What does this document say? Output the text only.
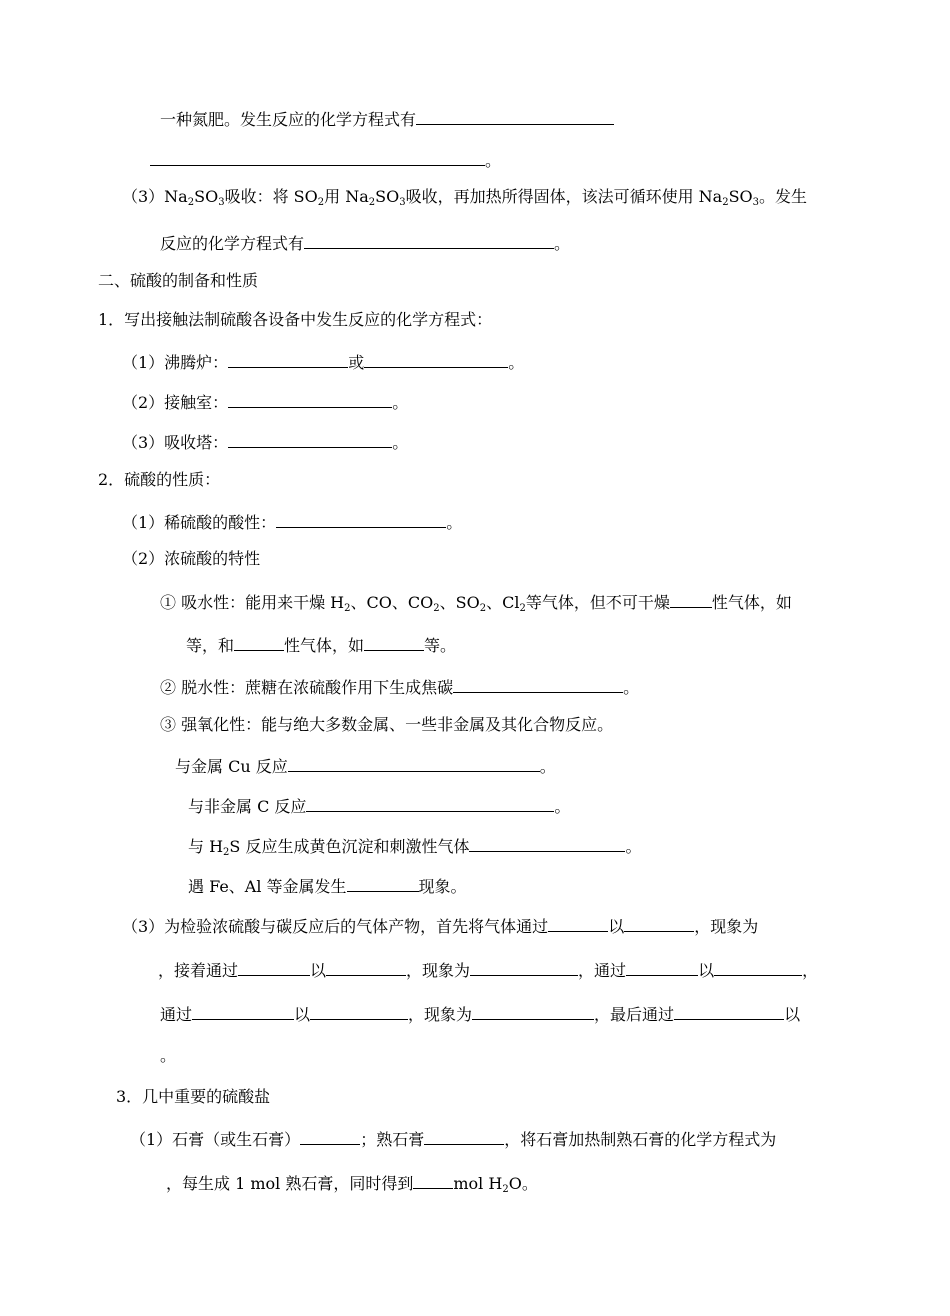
一种氮肥。发生反应的化学方程式有
。
$(3)Na_2SO_3$吸收：将 $SO_2$用 $Na_2SO_3$吸收，再加热所得固体，该法可循环使用 $Na_2SO_3$。发生
反应的化学方程式有	。
二、硫酸的制备和性质
1．写出接触法制硫酸各设备中发生反应的化学方程式：
（1）沸腾炉：	或	。
（2）接触室：	。
（3）吸收塔：	。
2．硫酸的性质：
（1）稀硫酸的酸性：	。
（2）浓硫酸的特性
① 吸水性：能用来干燥 $H_2$、CO、$CO_2$、$SO_2$、$Cl_2$等气体，但不可干燥	性气体，如
等，和	性气体，如	等。
② 脱水性：蔗糖在浓硫酸作用下生成焦碳	。
③ 强氧化性：能与绝大多数金属、一些非金属及其化合物反应。
与金属 Cu 反应	。
与非金属 C 反应	。
与 $H_2S$ 反应生成黄色沉淀和刺激性气体	。
遇 Fe、Al 等金属发生	现象。
（3）为检验浓硫酸与碳反应后的气体产物，首先将气体通过	以	，现象为
，接着通过	以	，现象为	，通过	以	，
通过	以	，现象为	，最后通过	以
。
3．几中重要的硫酸盐
（1）石膏（或生石膏）	；熟石膏	，将石膏加热制熟石膏的化学方程式为
，每生成 1 mol 熟石膏，同时得到	mol $H_2O$。
